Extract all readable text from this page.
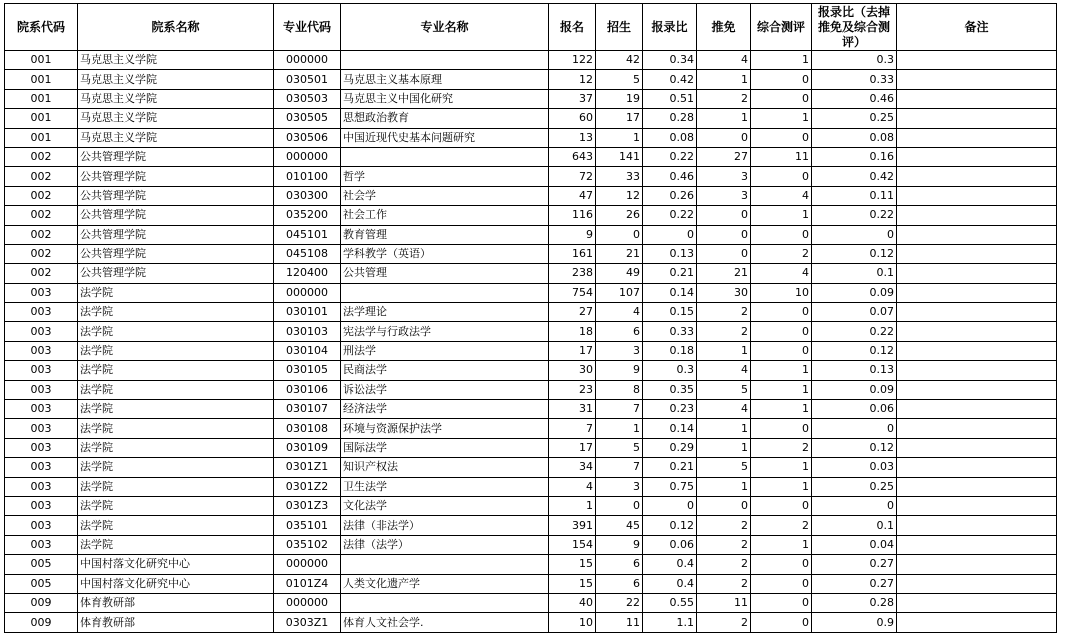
院系代码	院系名称	专业代码	专业名称	报名	招生	报录比	推免	综合测评	报录比（去掉推免及综合测评）	备注
001	马克思主义学院	000000		122	42	0.34	4	1	0.3	
001	马克思主义学院	030501	马克思主义基本原理	12	5	0.42	1	0	0.33	
001	马克思主义学院	030503	马克思主义中国化研究	37	19	0.51	2	0	0.46	
001	马克思主义学院	030505	思想政治教育	60	17	0.28	1	1	0.25	
001	马克思主义学院	030506	中国近现代史基本问题研究	13	1	0.08	0	0	0.08	
002	公共管理学院	000000		643	141	0.22	27	11	0.16	
002	公共管理学院	010100	哲学	72	33	0.46	3	0	0.42	
002	公共管理学院	030300	社会学	47	12	0.26	3	4	0.11	
002	公共管理学院	035200	社会工作	116	26	0.22	0	1	0.22	
002	公共管理学院	045101	教育管理	9	0	0	0	0	0	
002	公共管理学院	045108	学科教学（英语）	161	21	0.13	0	2	0.12	
002	公共管理学院	120400	公共管理	238	49	0.21	21	4	0.1	
003	法学院	000000		754	107	0.14	30	10	0.09	
003	法学院	030101	法学理论	27	4	0.15	2	0	0.07	
003	法学院	030103	宪法学与行政法学	18	6	0.33	2	0	0.22	
003	法学院	030104	刑法学	17	3	0.18	1	0	0.12	
003	法学院	030105	民商法学	30	9	0.3	4	1	0.13	
003	法学院	030106	诉讼法学	23	8	0.35	5	1	0.09	
003	法学院	030107	经济法学	31	7	0.23	4	1	0.06	
003	法学院	030108	环境与资源保护法学	7	1	0.14	1	0	0	
003	法学院	030109	国际法学	17	5	0.29	1	2	0.12	
003	法学院	0301Z1	知识产权法	34	7	0.21	5	1	0.03	
003	法学院	0301Z2	卫生法学	4	3	0.75	1	1	0.25	
003	法学院	0301Z3	文化法学	1	0	0	0	0	0	
003	法学院	035101	法律（非法学）	391	45	0.12	2	2	0.1	
003	法学院	035102	法律（法学）	154	9	0.06	2	1	0.04	
005	中国村落文化研究中心	000000		15	6	0.4	2	0	0.27	
005	中国村落文化研究中心	0101Z4	人类文化遗产学	15	6	0.4	2	0	0.27	
009	体育教研部	000000		40	22	0.55	11	0	0.28	
009	体育教研部	0303Z1	体育人文社会学.	10	11	1.1	2	0	0.9	
